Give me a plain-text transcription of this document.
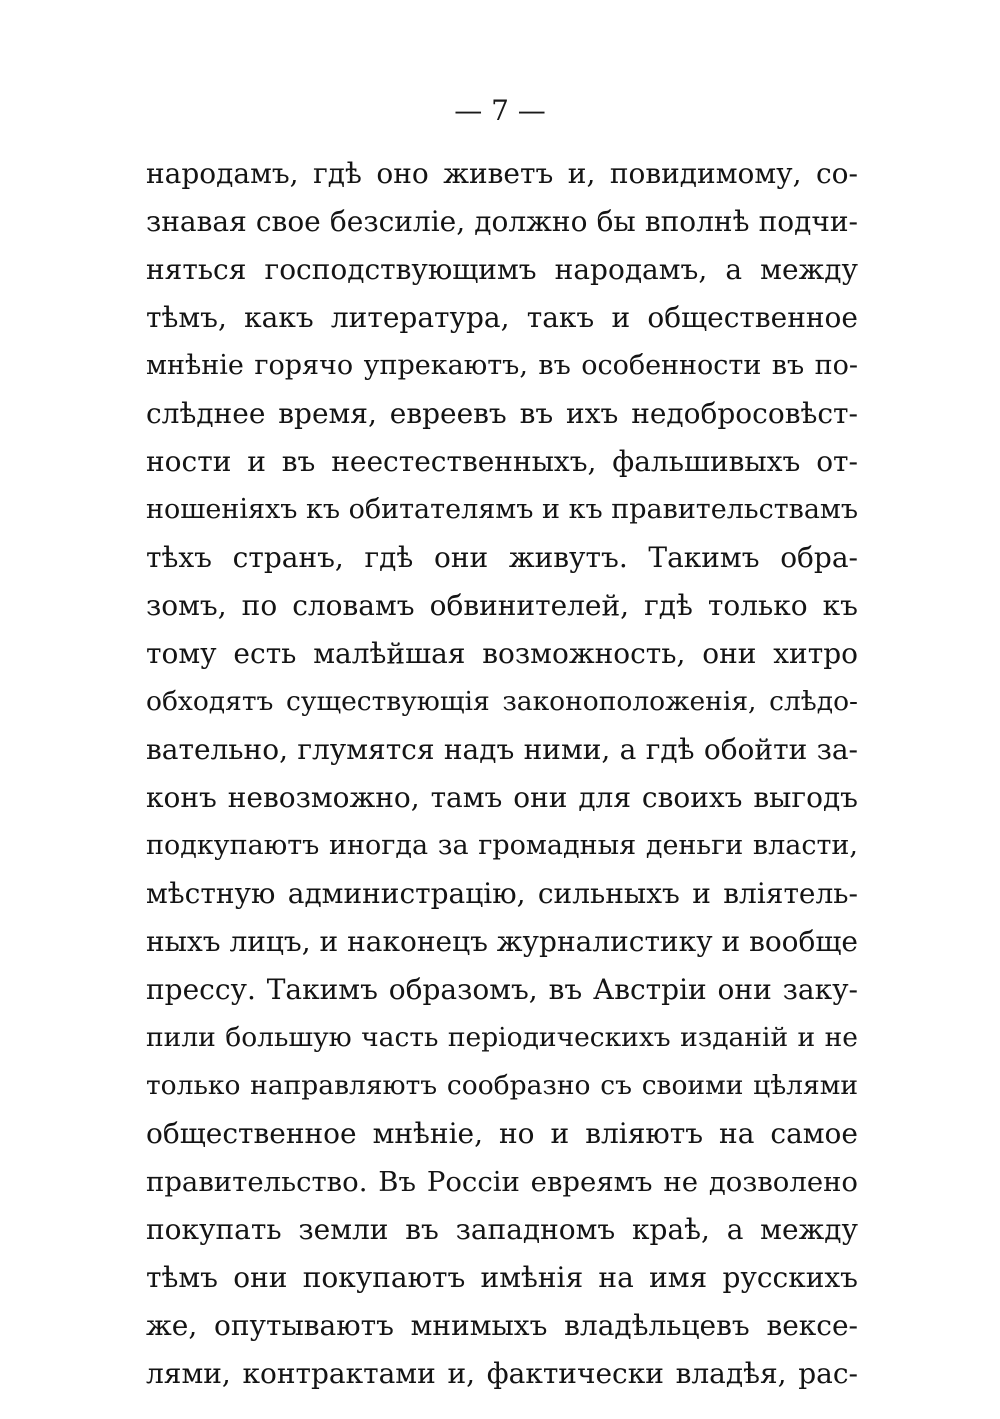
— 7 —
народамъ, гдѣ оно живетъ и, повидимому, со-
знавая свое безсиліе, должно бы вполнѣ подчи-
няться господствующимъ народамъ, а между
тѣмъ, какъ литература, такъ и общественное
мнѣніе горячо упрекаютъ, въ особенности въ по-
слѣднее время, евреевъ въ ихъ недобросовѣст-
ности и въ неестественныхъ, фальшивыхъ от-
ношеніяхъ къ обитателямъ и къ правительствамъ
тѣхъ странъ, гдѣ они живутъ. Такимъ обра-
зомъ, по словамъ обвинителей, гдѣ только къ
тому есть малѣйшая возможность, они хитро
обходятъ существующія законоположенія, слѣдо-
вательно, глумятся надъ ними, а гдѣ обойти за-
конъ невозможно, тамъ они для своихъ выгодъ
подкупаютъ иногда за громадныя деньги власти,
мѣстную администрацію, сильныхъ и вліятель-
ныхъ лицъ, и наконецъ журналистику и вообще
прессу. Такимъ образомъ, въ Австріи они заку-
пили большую часть періодическихъ изданій и не
только направляютъ сообразно съ своими цѣлями
общественное мнѣніе, но и вліяютъ на самое
правительство. Въ Россіи евреямъ не дозволено
покупать земли въ западномъ краѣ, а между
тѣмъ они покупаютъ имѣнія на имя русскихъ
же, опутываютъ мнимыхъ владѣльцевъ вексе-
лями, контрактами и, фактически владѣя, рас-
